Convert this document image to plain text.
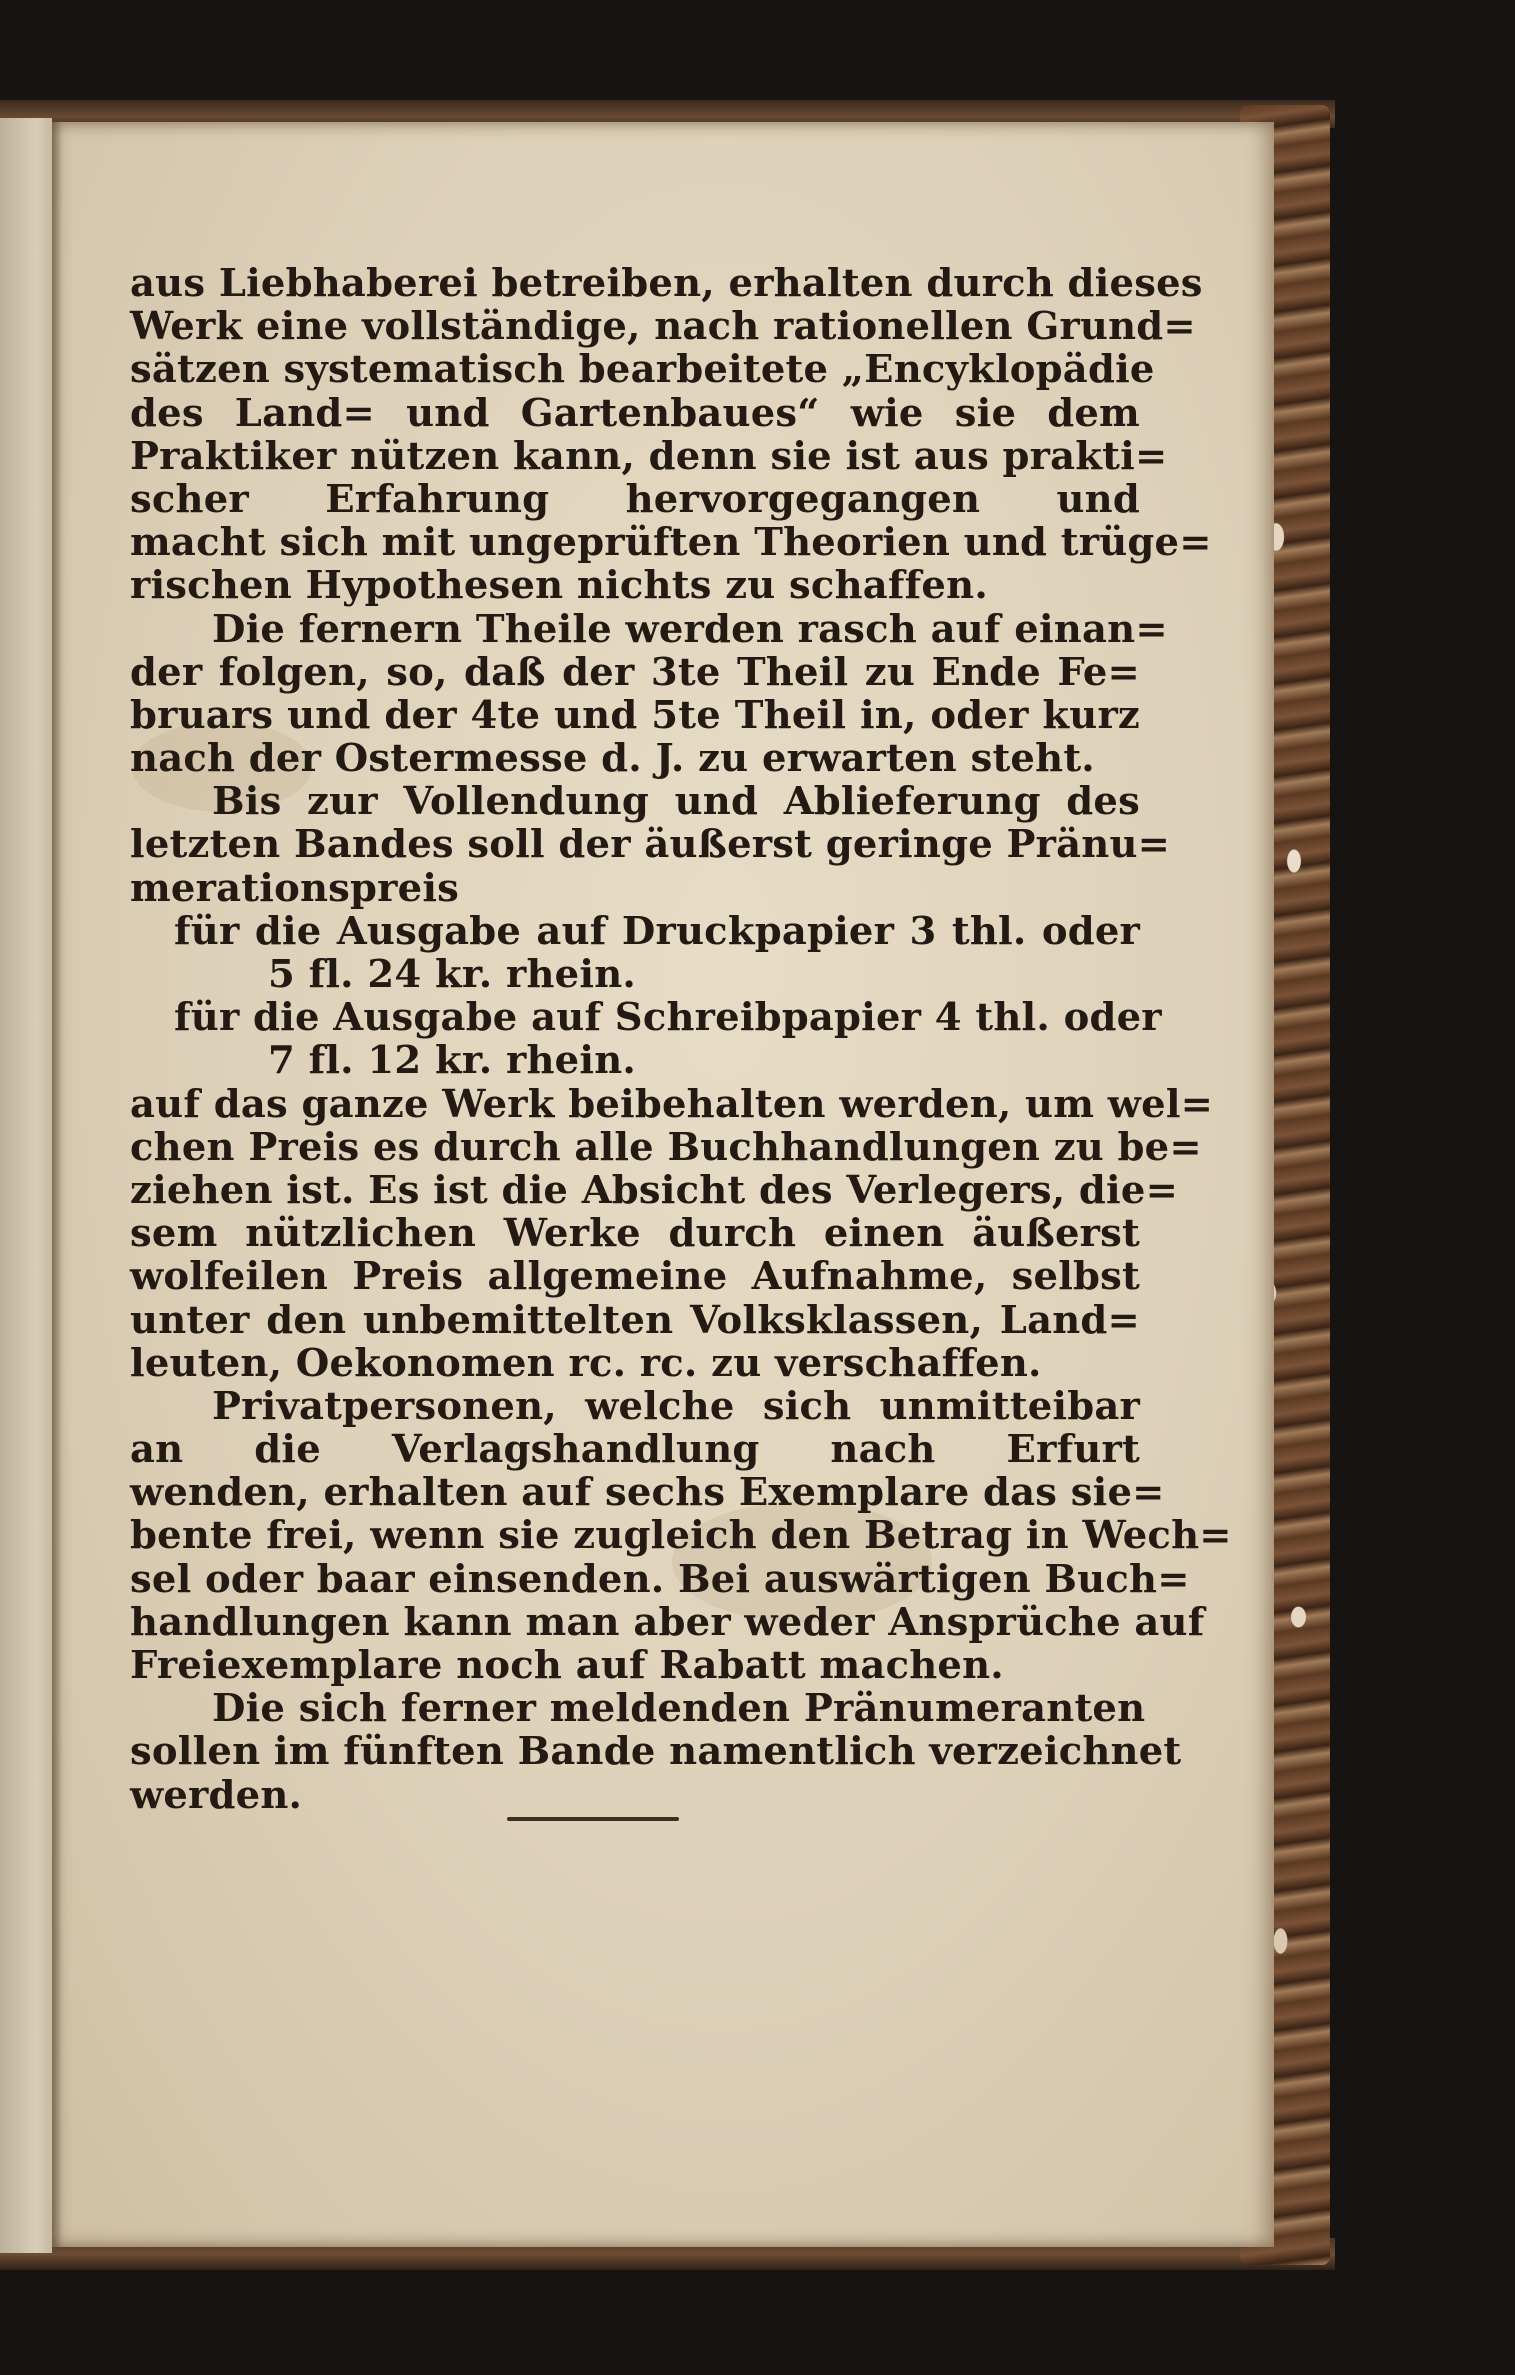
aus Liebhaberei betreiben, erhalten durch dieses
Werk eine vollständige, nach rationellen Grund=
sätzen systematisch bearbeitete „Encyklopädie
des Land= und Gartenbaues“ wie sie dem
Praktiker nützen kann, denn sie ist aus prakti=
scher Erfahrung hervorgegangen und
macht sich mit ungeprüften Theorien und trüge=
rischen Hypothesen nichts zu schaffen.
Die fernern Theile werden rasch auf einan=
der folgen, so, daß der 3te Theil zu Ende Fe=
bruars und der 4te und 5te Theil in, oder kurz
nach der Ostermesse d. J. zu erwarten steht.
Bis zur Vollendung und Ablieferung des
letzten Bandes soll der äußerst geringe Pränu=
merationspreis
für die Ausgabe auf Druckpapier 3 thl. oder
5 fl. 24 kr. rhein.
für die Ausgabe auf Schreibpapier 4 thl. oder
7 fl. 12 kr. rhein.
auf das ganze Werk beibehalten werden, um wel=
chen Preis es durch alle Buchhandlungen zu be=
ziehen ist. Es ist die Absicht des Verlegers, die=
sem nützlichen Werke durch einen äußerst
wolfeilen Preis allgemeine Aufnahme, selbst
unter den unbemittelten Volksklassen, Land=
leuten, Oekonomen rc. rc. zu verschaffen.
Privatpersonen, welche sich unmitteibar
an die Verlagshandlung nach Erfurt
wenden, erhalten auf sechs Exemplare das sie=
bente frei, wenn sie zugleich den Betrag in Wech=
sel oder baar einsenden. Bei auswärtigen Buch=
handlungen kann man aber weder Ansprüche auf
Freiexemplare noch auf Rabatt machen.
Die sich ferner meldenden Pränumeranten
sollen im fünften Bande namentlich verzeichnet
werden.
